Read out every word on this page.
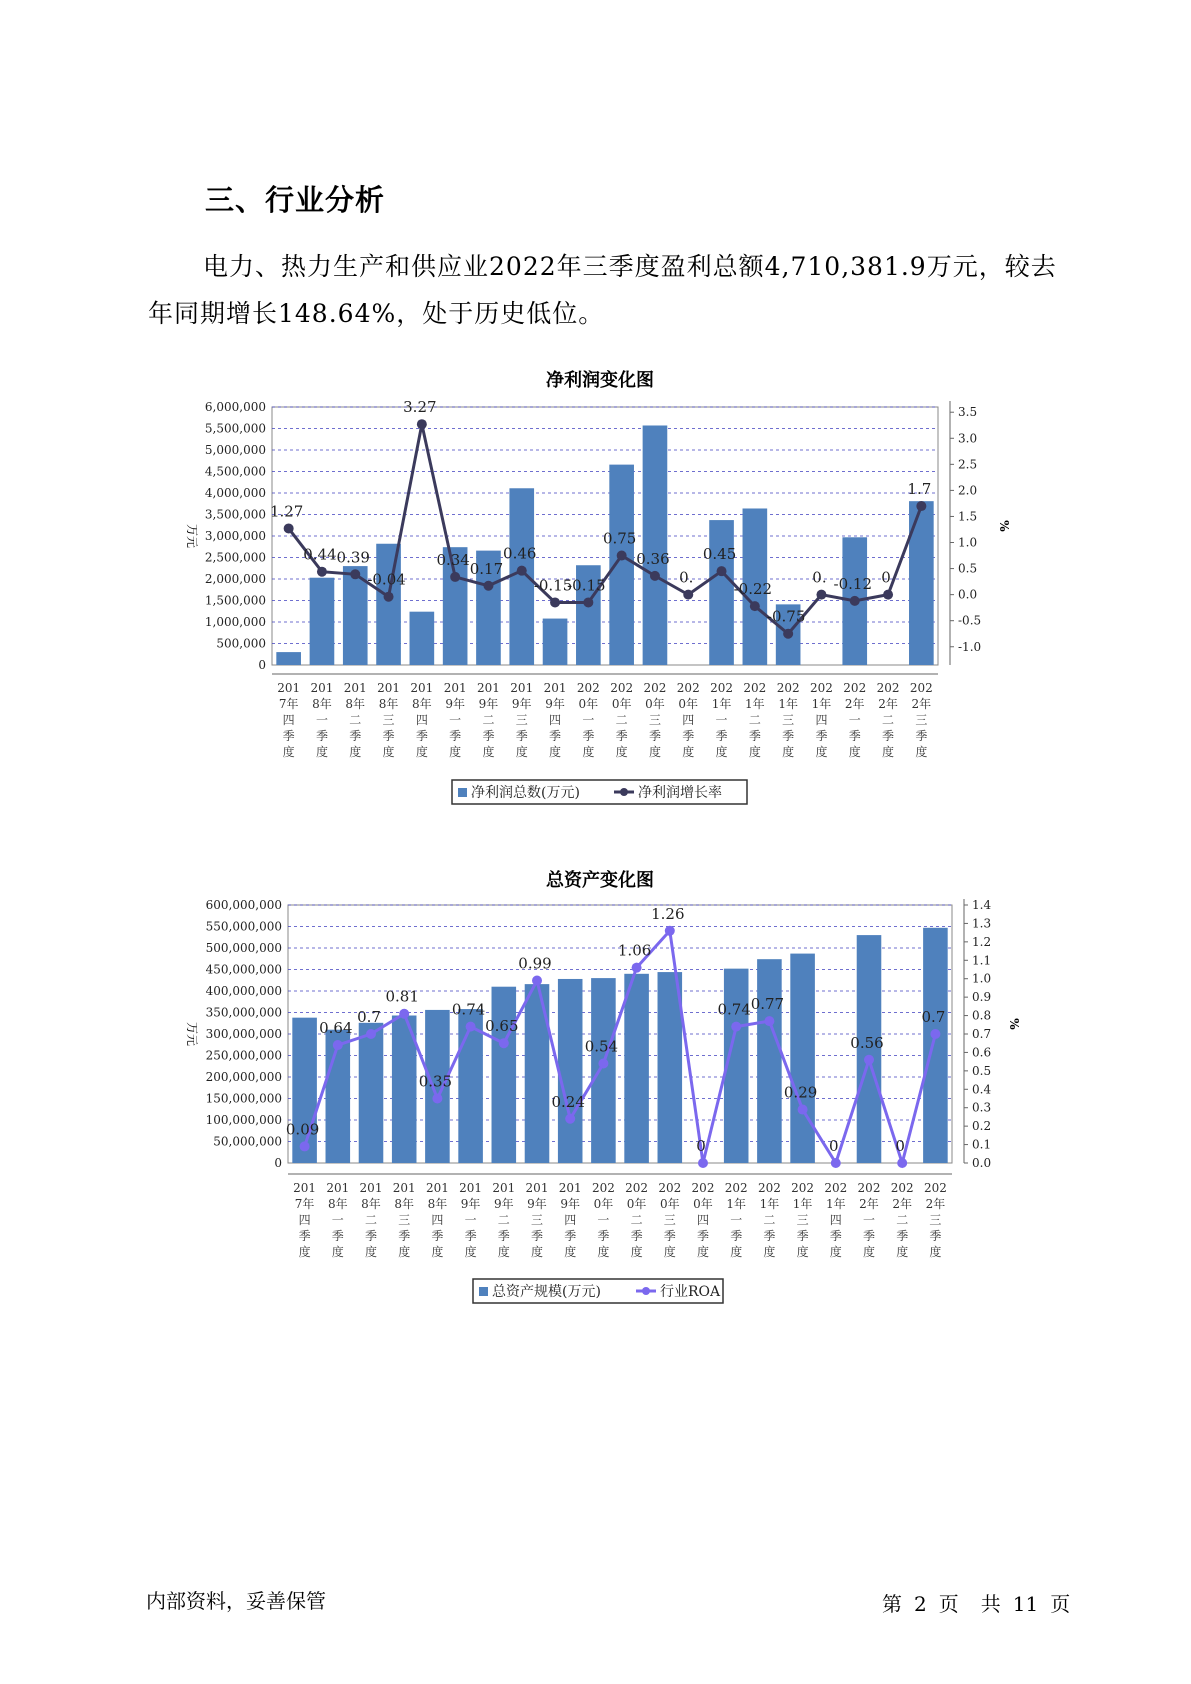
三、行业分析
电力、热力生产和供应业2022年三季度盈利总额4,710,381.9万元，较去年同期增长148.64%，处于历史低位。
净利润变化图
0
500,000
1,000,000
1,500,000
2,000,000
2,500,000
3,000,000
3,500,000
4,000,000
4,500,000
5,000,000
5,500,000
6,000,000
-1.0
-0.5
0.0
0.5
1.0
1.5
2.0
2.5
3.0
3.5
万元	%
201
7年
四
季
度
201
8年
一
季
度
201
8年
二
季
度
201
8年
三
季
度
201
8年
四
季
度
201
9年
一
季
度
201
9年
二
季
度
201
9年
三
季
度
201
9年
四
季
度
202
0年
一
季
度
202
0年
二
季
度
202
0年
三
季
度
202
0年
四
季
度
202
1年
一
季
度
202
1年
二
季
度
202
1年
三
季
度
202
1年
四
季
度
202
2年
一
季
度
202
2年
二
季
度
202
2年
三
季
度
1.27
0.44 0.39
-0.04
3.27
0.34 0.17
0.46
-0.15
-0.15
0.75
0.36
0.
0.45
-0.22
-0.75
0. -0.12 0
1.7
净利润总数(万元)	净利润增长率
总资产变化图
0
50,000,000
100,000,000
150,000,000
200,000,000
250,000,000
300,000,000
350,000,000
400,000,000
450,000,000
500,000,000
550,000,000
600,000,000
0.0
0.1
0.2
0.3
0.4
0.5
0.6
0.7
0.8
0.9
1.0
1.1
1.2
1.3
1.4
万元	%
201
7年
四
季
度
201
8年
一
季
度
201
8年
二
季
度
201
8年
三
季
度
201
8年
四
季
度
201
9年
一
季
度
201
9年
二
季
度
201
9年
三
季
度
201
9年
四
季
度
202
0年
一
季
度
202
0年
二
季
度
202
0年
三
季
度
202
0年
四
季
度
202
1年
一
季
度
202
1年
二
季
度
202
1年
三
季
度
202
1年
四
季
度
202
2年
一
季
度
202
2年
二
季
度
202
2年
三
季
度
0.09
0.64
0.7
0.81
0.35
0.74
0.65
0.99
0.24
0.54
1.06
1.26
0
0.74 0.77
0.29
0
0.56
0
0.7
总资产规模(万元)	行业ROA
内部资料，妥善保管	第 2 页 共 11 页
